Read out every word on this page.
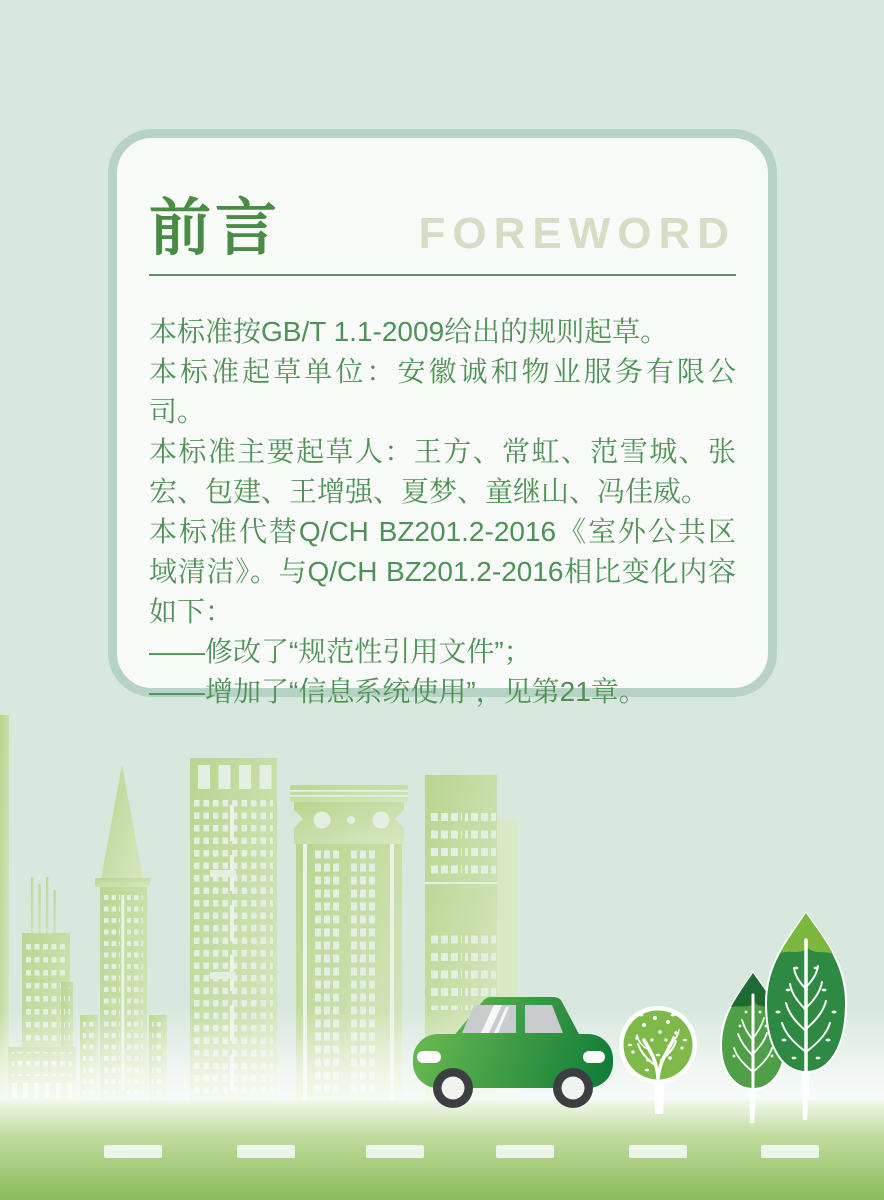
前言	FOREWORD

本标准按GB/T 1.1-2009给出的规则起草。

本标准起草单位：安徽诚和物业服务有限公司。

本标准主要起草人：王方、常虹、范雪城、张宏、包建、王增强、夏梦、童继山、冯佳威。

本标准代替Q/CH BZ201.2-2016《室外公共区域清洁》。与Q/CH BZ201.2-2016相比变化内容如下：

——修改了“规范性引用文件”；

——增加了“信息系统使用”，见第21章。
